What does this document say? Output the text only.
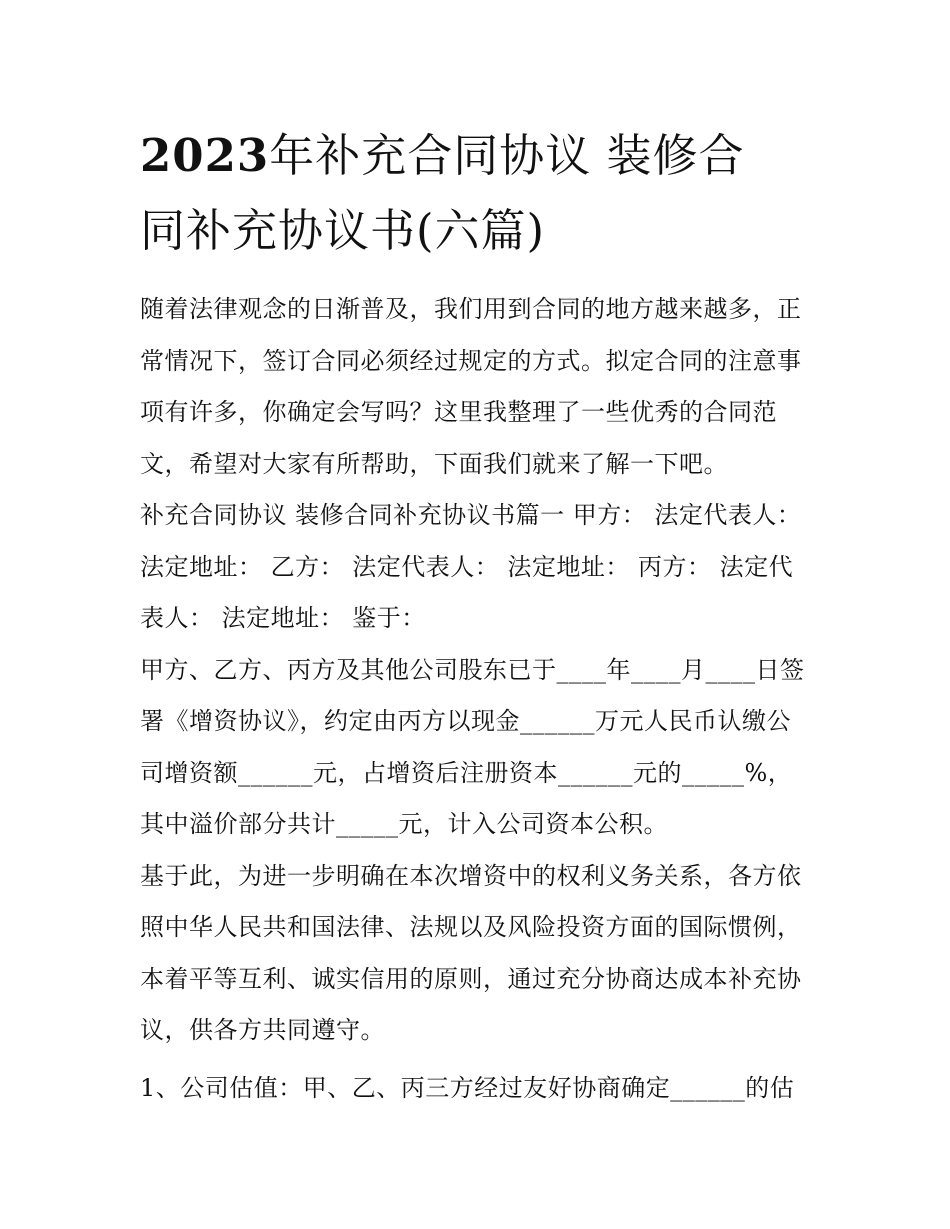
2023年补充合同协议 装修合
同补充协议书(六篇)

随着法律观念的日渐普及，我们用到合同的地方越来越多，正

常情况下，签订合同必须经过规定的方式。拟定合同的注意事

项有许多，你确定会写吗？这里我整理了一些优秀的合同范

文，希望对大家有所帮助，下面我们就来了解一下吧。

补充合同协议 装修合同补充协议书篇一 甲方： 法定代表人：

法定地址： 乙方： 法定代表人： 法定地址： 丙方： 法定代

表人： 法定地址： 鉴于：

甲方、乙方、丙方及其他公司股东已于____年____月____日签

署《增资协议》，约定由丙方以现金______万元人民币认缴公

司增资额______元，占增资后注册资本______元的_____%，

其中溢价部分共计_____元，计入公司资本公积。

基于此，为进一步明确在本次增资中的权利义务关系，各方依

照中华人民共和国法律、法规以及风险投资方面的国际惯例，

本着平等互利、诚实信用的原则，通过充分协商达成本补充协

议，供各方共同遵守。

1、公司估值：甲、乙、丙三方经过友好协商确定______的估
